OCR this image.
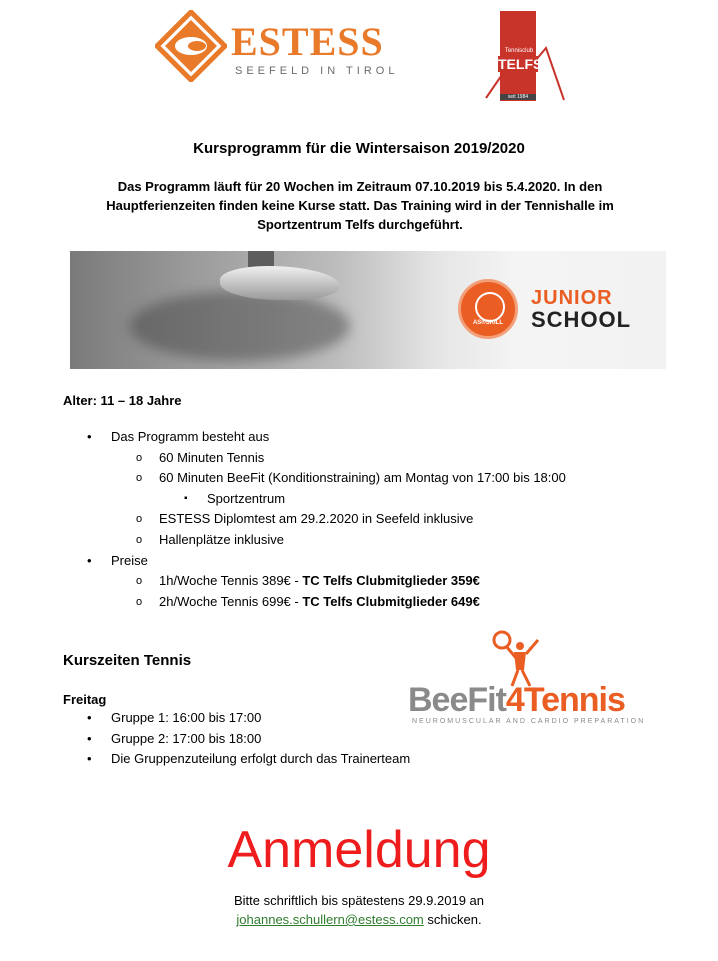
ESTESS
SEEFELD IN TIROL
Tennisclub
TELFS
seit 1984
Kursprogramm für die Wintersaison 2019/2020

Das Programm läuft für 20 Wochen im Zeitraum 07.10.2019 bis 5.4.2020. In den Hauptferienzeiten finden keine Kurse statt. Das Training wird in der Tennishalle im Sportzentrum Telfs durchgeführt.

AS®SKILL
JUNIOR
SCHOOL
Alter: 11 – 18 Jahre
• Das Programm besteht aus
o 60 Minuten Tennis
o 60 Minuten BeeFit (Konditionstraining) am Montag von 17:00 bis 18:00
▪ Sportzentrum
o ESTESS Diplomtest am 29.2.2020 in Seefeld inklusive
o Hallenplätze inklusive
• Preise
o 1h/Woche Tennis 389€ - TC Telfs Clubmitglieder 359€
o 2h/Woche Tennis 699€ - TC Telfs Clubmitglieder 649€
Kurszeiten Tennis
Freitag
• Gruppe 1: 16:00 bis 17:00
• Gruppe 2: 17:00 bis 18:00
• Die Gruppenzuteilung erfolgt durch das Trainerteam
BeeFit4Tennis
NEUROMUSCULAR AND CARDIO PREPARATION
Anmeldung
Bitte schriftlich bis spätestens 29.9.2019 an
johannes.schullern@estess.com schicken.
